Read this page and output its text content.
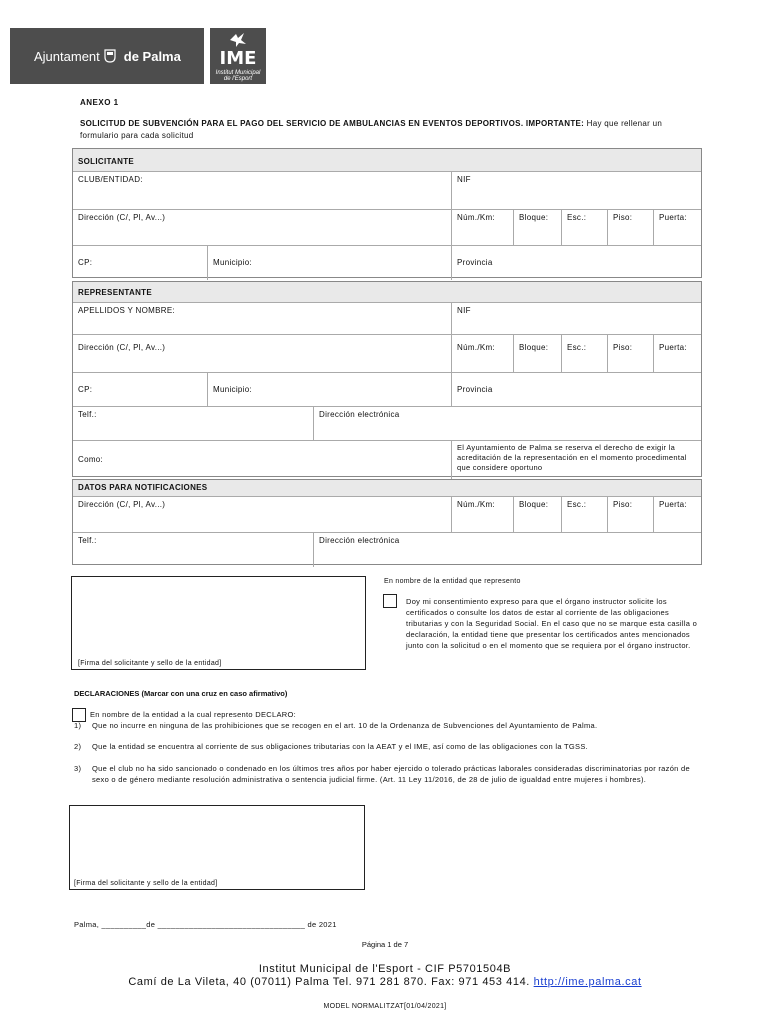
Ajuntament de Palma	IME
Institut Municipal de l'Esport
ANEXO 1
SOLICITUD DE SUBVENCIÓN PARA EL PAGO DEL SERVICIO DE AMBULANCIAS EN EVENTOS DEPORTIVOS. IMPORTANTE: Hay que rellenar un formulario para cada solicitud
SOLICITANTE
CLUB/ENTIDAD:	NIF
Dirección (C/, Pl, Av...)	Núm./Km:	Bloque:	Esc.:	Piso:	Puerta:
CP:	Municipio:	Provincia
REPRESENTANTE
APELLIDOS Y NOMBRE:	NIF
Dirección (C/, Pl, Av...)	Núm./Km:	Bloque:	Esc.:	Piso:	Puerta:
CP:	Municipio:	Provincia
Telf.:	Dirección electrónica
Como:
El Ayuntamiento de Palma se reserva el derecho de exigir la acreditación de la representación en el momento procedimental que considere oportuno
DATOS PARA NOTIFICACIONES
Dirección (C/, Pl, Av...)	Núm./Km:	Bloque:	Esc.:	Piso:	Puerta:
Telf.:	Dirección electrónica
[Firma del solicitante y sello de la entidad]
En nombre de la entidad que represento
Doy mi consentimiento expreso para que el órgano instructor solicite los certificados o consulte los datos de estar al corriente de las obligaciones tributarias y con la Seguridad Social. En el caso que no se marque esta casilla o declaración, la entidad tiene que presentar los certificados antes mencionados junto con la solicitud o en el momento que se requiera por el órgano instructor.
DECLARACIONES (Marcar con una cruz en caso afirmativo)
En nombre de la entidad a la cual represento DECLARO:
1)	Que no incurre en ninguna de las prohibiciones que se recogen en el art. 10 de la Ordenanza de Subvenciones del Ayuntamiento de Palma.
2)	Que la entidad se encuentra al corriente de sus obligaciones tributarias con la AEAT y el IME, así como de las obligaciones con la TGSS.
3)	Que el club no ha sido sancionado o condenado en los últimos tres años por haber ejercido o tolerado prácticas laborales consideradas discriminatorias por razón de sexo o de género mediante resolución administrativa o sentencia judicial firme. (Art. 11 Ley 11/2016, de 28 de julio de igualdad entre mujeres i hombres).
[Firma del solicitante y sello de la entidad]
Palma, __________de _________________________________ de 2021
Página 1 de 7
Institut Municipal de l'Esport - CIF P5701504B
Camí de La Vileta, 40 (07011) Palma Tel. 971 281 870. Fax: 971 453 414. http://ime.palma.cat
MODEL NORMALITZAT[01/04/2021]
